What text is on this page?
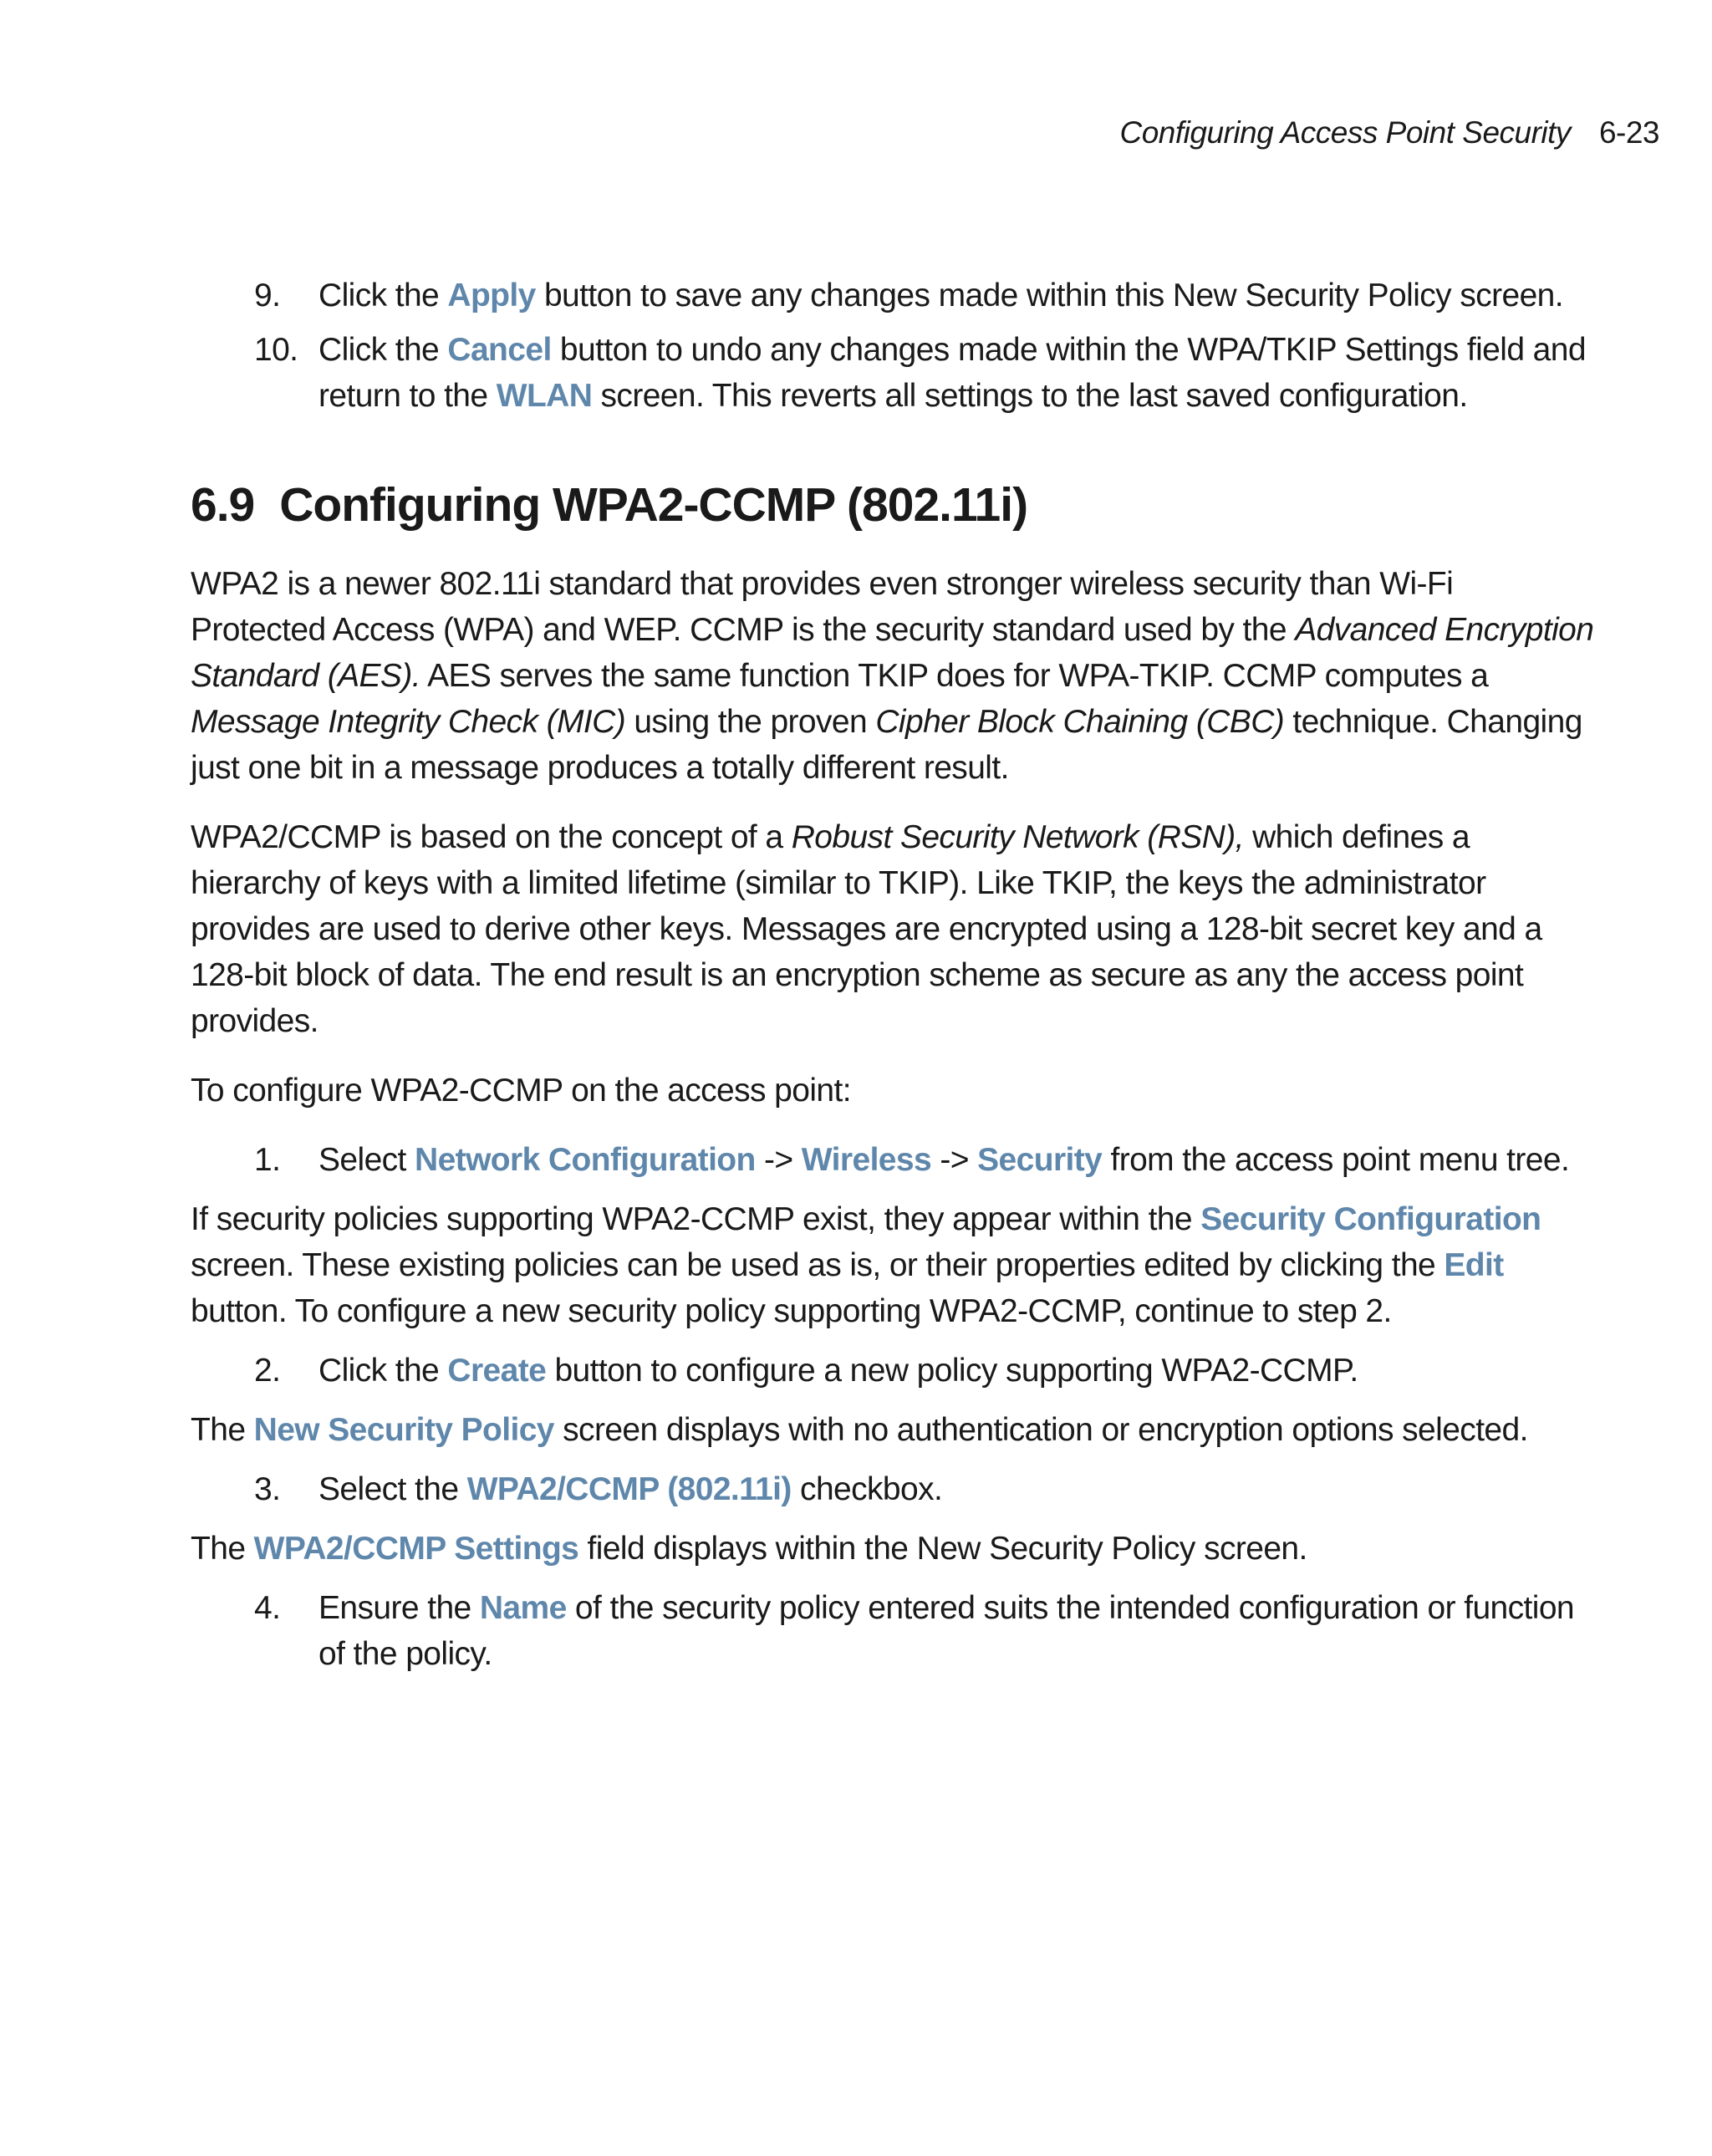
Configuring Access Point Security 6-23
9.	Click the Apply button to save any changes made within this New Security Policy screen.
10. Click the Cancel button to undo any changes made within the WPA/TKIP Settings field and return to the WLAN screen. This reverts all settings to the last saved configuration.
6.9 Configuring WPA2-CCMP (802.11i)

WPA2 is a newer 802.11i standard that provides even stronger wireless security than Wi-Fi Protected Access (WPA) and WEP. CCMP is the security standard used by the Advanced Encryption Standard (AES). AES serves the same function TKIP does for WPA-TKIP. CCMP computes a Message Integrity Check (MIC) using the proven Cipher Block Chaining (CBC) technique. Changing just one bit in a message produces a totally different result.

WPA2/CCMP is based on the concept of a Robust Security Network (RSN), which defines a hierarchy of keys with a limited lifetime (similar to TKIP). Like TKIP, the keys the administrator provides are used to derive other keys. Messages are encrypted using a 128-bit secret key and a 128-bit block of data. The end result is an encryption scheme as secure as any the access point provides.

To configure WPA2-CCMP on the access point:

1.	Select Network Configuration -> Wireless -> Security from the access point menu tree.

If security policies supporting WPA2-CCMP exist, they appear within the Security Configuration screen. These existing policies can be used as is, or their properties edited by clicking the Edit button. To configure a new security policy supporting WPA2-CCMP, continue to step 2.

2.	Click the Create button to configure a new policy supporting WPA2-CCMP.

The New Security Policy screen displays with no authentication or encryption options selected.

3.	Select the WPA2/CCMP (802.11i) checkbox.

The WPA2/CCMP Settings field displays within the New Security Policy screen.

4.	Ensure the Name of the security policy entered suits the intended configuration or function of the policy.
